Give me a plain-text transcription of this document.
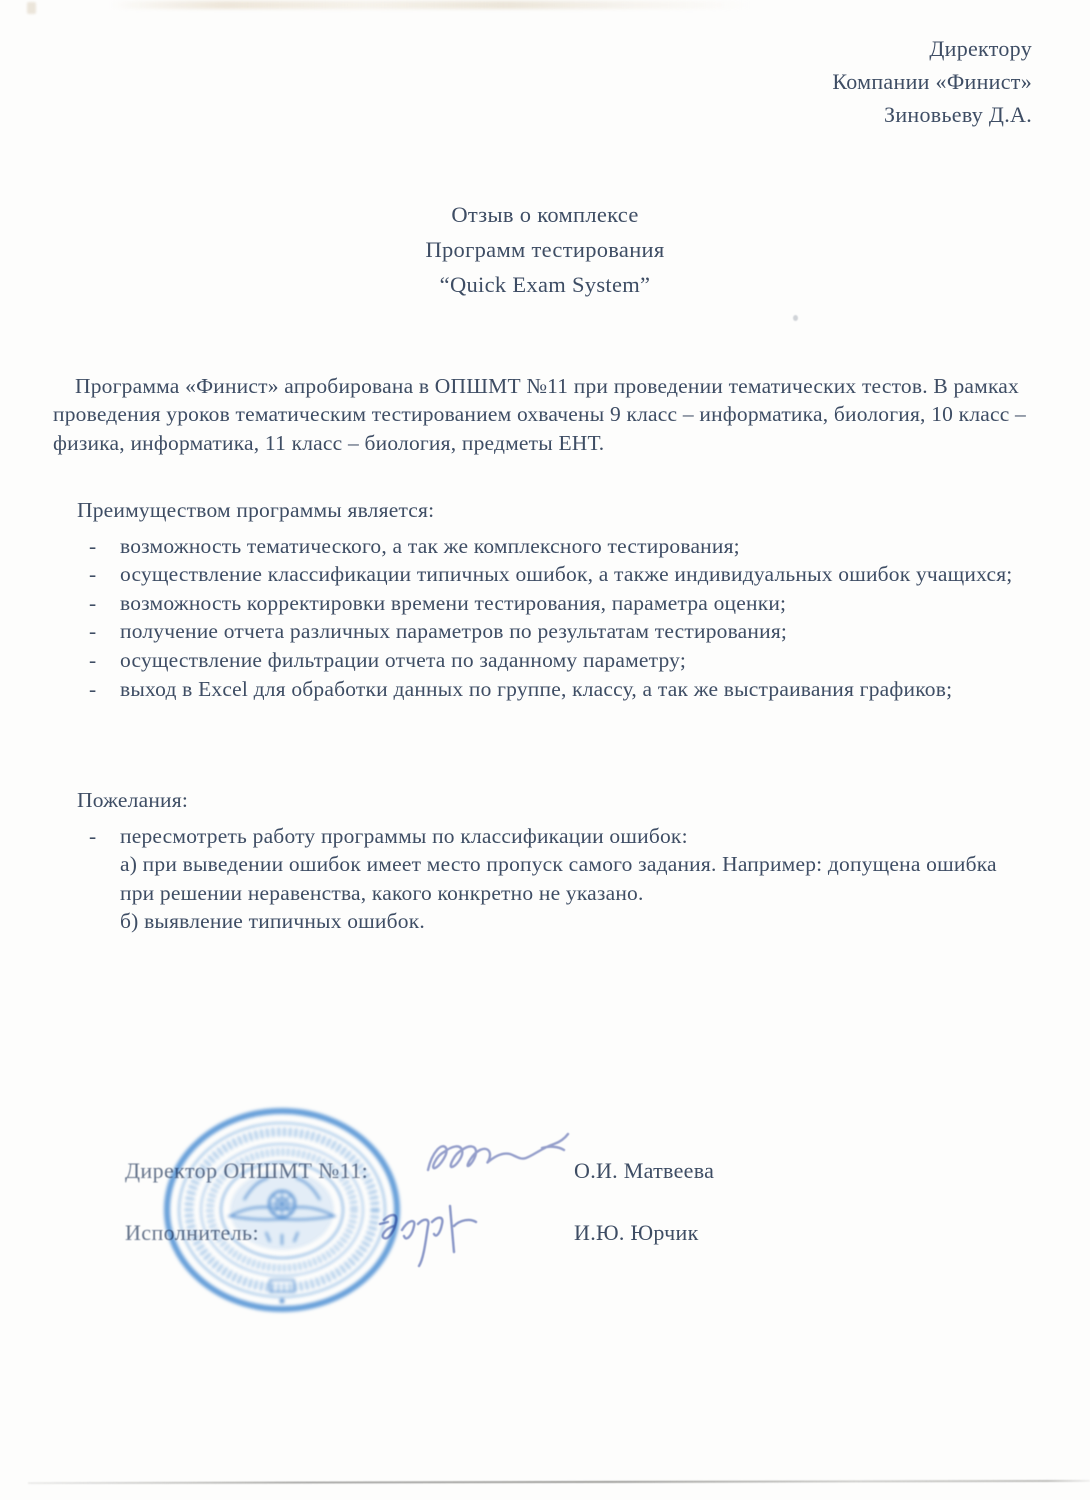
Директору
Компании «Финист»
Зиновьеву Д.А.
Отзыв о комплексе
Программ тестирования
“Quick Exam System”

Программа «Финист» апробирована в ОПШМТ №11 при проведении тематических тестов. В рамках проведения уроков тематическим тестированием охвачены 9 класс – информатика, биология, 10 класс – физика, информатика, 11 класс – биология, предметы ЕНТ.

Преимуществом программы является:

-	возможность тематического, а так же комплексного тестирования;
-	осуществление классификации типичных ошибок, а также индивидуальных ошибок учащихся;
-	возможность корректировки времени тестирования, параметра оценки;
-	получение отчета различных параметров по результатам тестирования;
-	осуществление фильтрации отчета по заданному параметру;
-	выход в Excel для обработки данных по группе, классу, а так же выстраивания графиков;

Пожелания:

-	пересмотреть работу программы по классификации ошибок:
а) при выведении ошибок имеет место пропуск самого задания. Например: допущена ошибка при решении неравенства, какого конкретно не указано.
б) выявление типичных ошибок.
Директор ОПШМТ №11:	О.И. Матвеева
Исполнитель:	И.Ю. Юрчик
